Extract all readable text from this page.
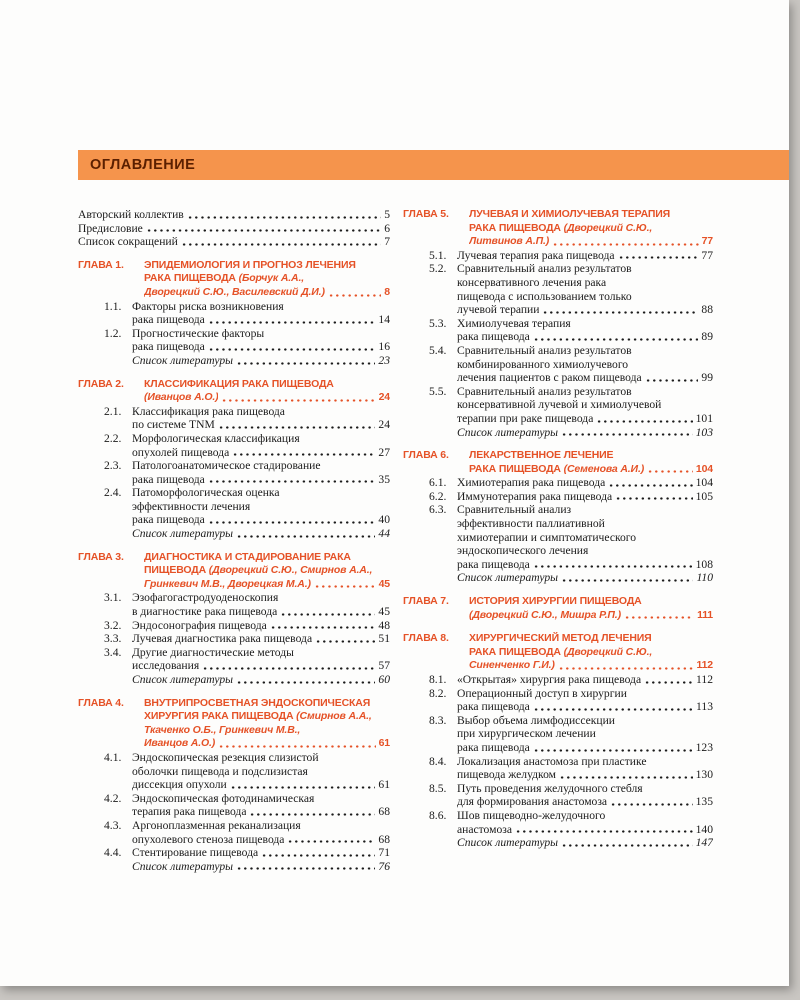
ОГЛАВЛЕНИЕ
Авторский коллектив	5
Предисловие	6
Список сокращений	7
ГЛАВА 1. ЭПИДЕМИОЛОГИЯ И ПРОГНОЗ ЛЕЧЕНИЯ
РАКА ПИЩЕВОДА (Борчук А.А.,
Дворецкий С.Ю., Василевский Д.И.)	8
1.1. Факторы риска возникновения
рака пищевода	14
1.2. Прогностические факторы
рака пищевода	16
Список литературы	23
ГЛАВА 2. КЛАССИФИКАЦИЯ РАКА ПИЩЕВОДА
(Иванцов А.О.)	24
2.1. Классификация рака пищевода
по системе TNM	24
2.2. Морфологическая классификация
опухолей пищевода	27
2.3. Патологоанатомическое стадирование
рака пищевода	35
2.4. Патоморфологическая оценка
эффективности лечения
рака пищевода	40
Список литературы	44
ГЛАВА 3. ДИАГНОСТИКА И СТАДИРОВАНИЕ РАКА
ПИЩЕВОДА (Дворецкий С.Ю., Смирнов А.А.,
Гринкевич М.В., Дворецкая М.А.)	45
3.1. Эзофагогастродуоденоскопия
в диагностике рака пищевода	45
3.2. Эндосонография пищевода	48
3.3. Лучевая диагностика рака пищевода	51
3.4. Другие диагностические методы
исследования	57
Список литературы	60
ГЛАВА 4. ВНУТРИПРОСВЕТНАЯ ЭНДОСКОПИЧЕСКАЯ
ХИРУРГИЯ РАКА ПИЩЕВОДА (Смирнов А.А.,
Ткаченко О.Б., Гринкевич М.В.,
Иванцов А.О.)	61
4.1. Эндоскопическая резекция слизистой
оболочки пищевода и подслизистая
диссекция опухоли	61
4.2. Эндоскопическая фотодинамическая
терапия рака пищевода	68
4.3. Аргоноплазменная реканализация
опухолевого стеноза пищевода	68
4.4. Стентирование пищевода	71
Список литературы	76
ГЛАВА 5. ЛУЧЕВАЯ И ХИМИОЛУЧЕВАЯ ТЕРАПИЯ
РАКА ПИЩЕВОДА (Дворецкий С.Ю.,
Литвинов А.П.)	77
5.1. Лучевая терапия рака пищевода	77
5.2. Сравнительный анализ результатов
консервативного лечения рака
пищевода с использованием только
лучевой терапии	88
5.3. Химиолучевая терапия
рака пищевода	89
5.4. Сравнительный анализ результатов
комбинированного химиолучевого
лечения пациентов с раком пищевода	99
5.5. Сравнительный анализ результатов
консервативной лучевой и химиолучевой
терапии при раке пищевода	101
Список литературы	103
ГЛАВА 6. ЛЕКАРСТВЕННОЕ ЛЕЧЕНИЕ
РАКА ПИЩЕВОДА (Семенова А.И.)	104
6.1. Химиотерапия рака пищевода	104
6.2. Иммунотерапия рака пищевода	105
6.3. Сравнительный анализ
эффективности паллиативной
химиотерапии и симптоматического
эндоскопического лечения
рака пищевода	108
Список литературы	110
ГЛАВА 7. ИСТОРИЯ ХИРУРГИИ ПИЩЕВОДА
(Дворецкий С.Ю., Мишра Р.П.)	111
ГЛАВА 8. ХИРУРГИЧЕСКИЙ МЕТОД ЛЕЧЕНИЯ
РАКА ПИЩЕВОДА (Дворецкий С.Ю.,
Синенченко Г.И.)	112
8.1. «Открытая» хирургия рака пищевода	112
8.2. Операционный доступ в хирургии
рака пищевода	113
8.3. Выбор объема лимфодиссекции
при хирургическом лечении
рака пищевода	123
8.4. Локализация анастомоза при пластике
пищевода желудком	130
8.5. Путь проведения желудочного стебля
для формирования анастомоза	135
8.6. Шов пищеводно-желудочного
анастомоза	140
Список литературы	147
